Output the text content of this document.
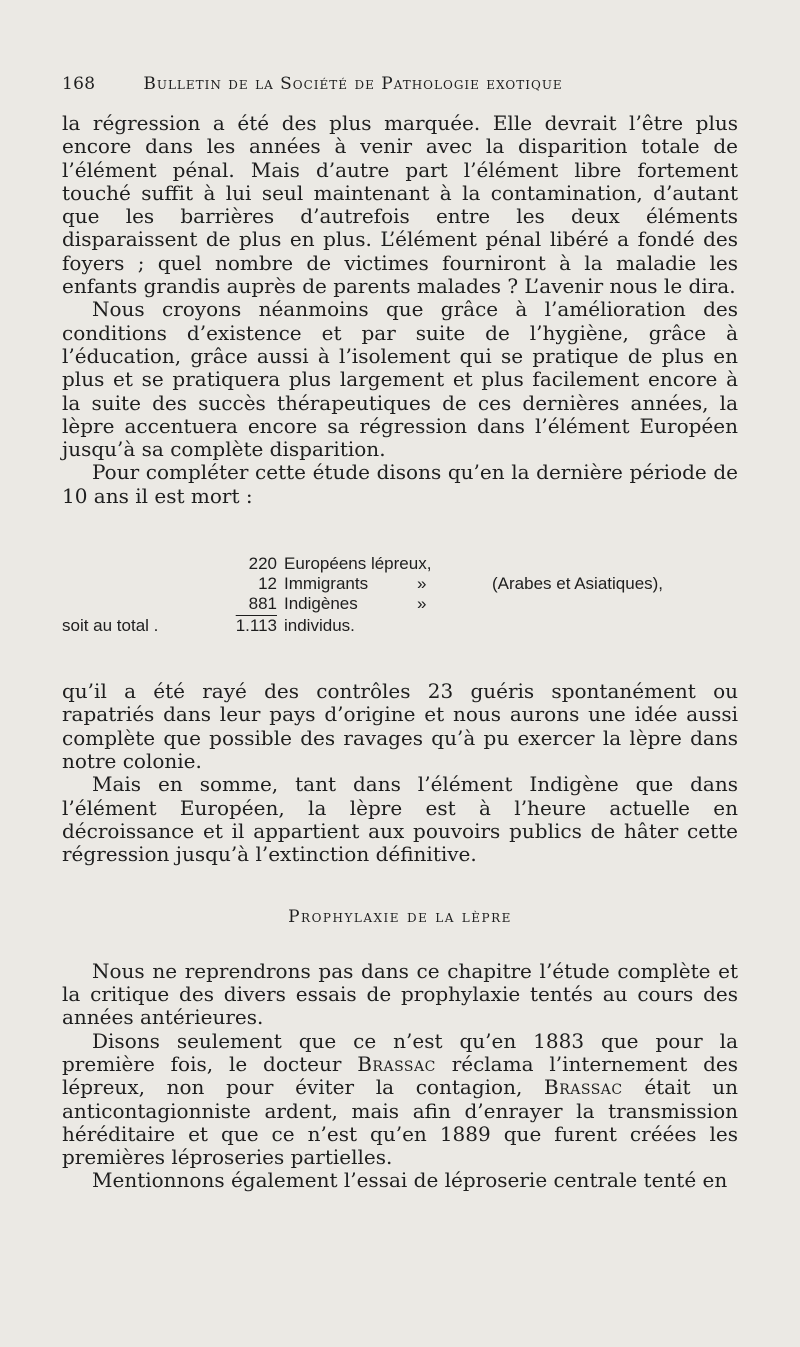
168	Bulletin de la Société de Pathologie exotique

la régression a été des plus marquée. Elle devrait l’être plus encore dans les années à venir avec la disparition totale de l’élément pénal. Mais d’autre part l’élément libre fortement touché suffit à lui seul maintenant à la contamination, d’autant que les barrières d’autrefois entre les deux éléments disparaissent de plus en plus. L’élément pénal libéré a fondé des foyers ; quel nombre de victimes fourniront à la maladie les enfants grandis auprès de parents malades ? L’avenir nous le dira.

Nous croyons néanmoins que grâce à l’amélioration des conditions d’existence et par suite de l’hygiène, grâce à l’éducation, grâce aussi à l’isolement qui se pratique de plus en plus et se pratiquera plus largement et plus facilement encore à la suite des succès thérapeutiques de ces dernières années, la lèpre accentuera encore sa régression dans l’élément Européen jusqu’à sa complète disparition.

Pour compléter cette étude disons qu’en la dernière période de 10 ans il est mort :

220 Européens lépreux,
12 Immigrants	»	(Arabes et Asiatiques),
881 Indigènes	»
soit au total .	1.113 individus.

qu’il a été rayé des contrôles 23 guéris spontanément ou rapatriés dans leur pays d’origine et nous aurons une idée aussi complète que possible des ravages qu’à pu exercer la lèpre dans notre colonie.

Mais en somme, tant dans l’élément Indigène que dans l’élément Européen, la lèpre est à l’heure actuelle en décroissance et il appartient aux pouvoirs publics de hâter cette régression jusqu’à l’extinction définitive.

Prophylaxie de la lèpre

Nous ne reprendrons pas dans ce chapitre l’étude complète et la critique des divers essais de prophylaxie tentés au cours des années antérieures.

Disons seulement que ce n’est qu’en 1883 que pour la première fois, le docteur Brassac réclama l’internement des lépreux, non pour éviter la contagion, Brassac était un anticontagionniste ardent, mais afin d’enrayer la transmission héréditaire et que ce n’est qu’en 1889 que furent créées les premières léproseries partielles.

Mentionnons également l’essai de léproserie centrale tenté en
